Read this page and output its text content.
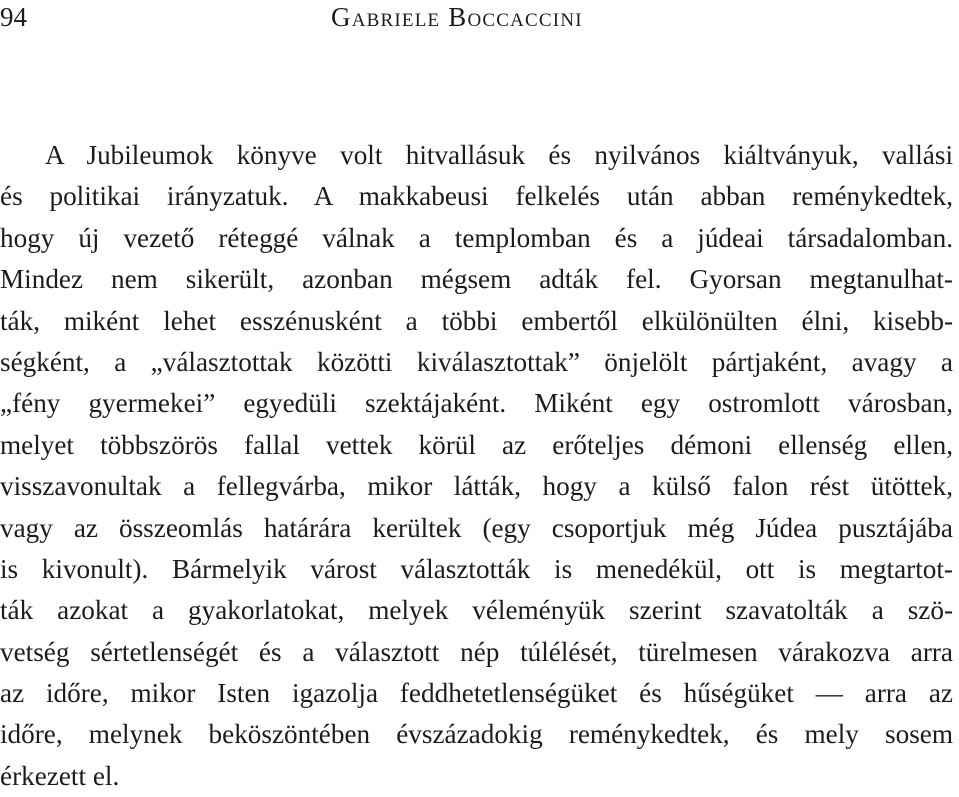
94	Gabriele Boccaccini
A Jubileumok könyve volt hitvallásuk és nyilvános kiáltványuk, vallási
és politikai irányzatuk. A makkabeusi felkelés után abban reménykedtek,
hogy új vezető réteggé válnak a templomban és a júdeai társadalomban.
Mindez nem sikerült, azonban mégsem adták fel. Gyorsan megtanulhat-
ták, miként lehet esszénusként a többi embertől elkülönülten élni, kisebb-
ségként, a „választottak közötti kiválasztottak” önjelölt pártjaként, avagy a
„fény gyermekei” egyedüli szektájaként. Miként egy ostromlott városban,
melyet többszörös fallal vettek körül az erőteljes démoni ellenség ellen,
visszavonultak a fellegvárba, mikor látták, hogy a külső falon rést ütöttek,
vagy az összeomlás határára kerültek (egy csoportjuk még Júdea pusztájába
is kivonult). Bármelyik várost választották is menedékül, ott is megtartot-
ták azokat a gyakorlatokat, melyek véleményük szerint szavatolták a szö-
vetség sértetlenségét és a választott nép túlélését, türelmesen várakozva arra
az időre, mikor Isten igazolja feddhetetlenségüket és hűségüket — arra az
időre, melynek beköszöntében évszázadokig reménykedtek, és mely sosem
érkezett el.
